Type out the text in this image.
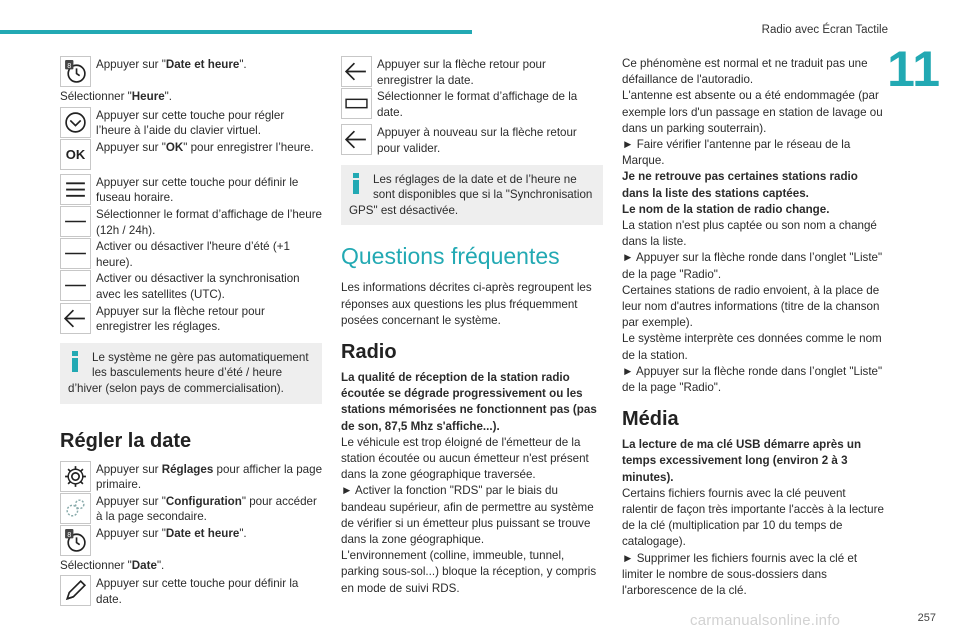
Radio avec Écran Tactile
11
8	Appuyer sur "Date et heure".
Sélectionner "Heure".
Appuyer sur cette touche pour régler l’heure à l’aide du clavier virtuel.
OK Appuyer sur "OK" pour enregistrer l’heure.
Appuyer sur cette touche pour définir le fuseau horaire.
Sélectionner le format d’affichage de l’heure (12h / 24h).
Activer ou désactiver l'heure d’été (+1 heure).
Activer ou désactiver la synchronisation avec les satellites (UTC).
Appuyer sur la flèche retour pour enregistrer les réglages.
Le système ne gère pas automatiquement les basculements heure d’été / heure d’hiver (selon pays de commercialisation).
Régler la date
Appuyer sur Réglages pour afficher la page primaire.
Appuyer sur "Configuration" pour accéder à la page secondaire.
8	Appuyer sur "Date et heure".
Sélectionner "Date".
Appuyer sur cette touche pour définir la date.
Appuyer sur la flèche retour pour enregistrer la date.
Sélectionner le format d’affichage de la date.
Appuyer à nouveau sur la flèche retour pour valider.
Les réglages de la date et de l’heure ne sont disponibles que si la "Synchronisation GPS" est désactivée.
Questions fréquentes
Les informations décrites ci-après regroupent les réponses aux questions les plus fréquemment posées concernant le système.
Radio
La qualité de réception de la station radio écoutée se dégrade progressivement ou les stations mémorisées ne fonctionnent pas (pas de son, 87,5 Mhz s'affiche...).
Le véhicule est trop éloigné de l'émetteur de la station écoutée ou aucun émetteur n'est présent dans la zone géographique traversée.
► Activer la fonction "RDS" par le biais du bandeau supérieur, afin de permettre au système de vérifier si un émetteur plus puissant se trouve dans la zone géographique.
L'environnement (colline, immeuble, tunnel, parking sous-sol...) bloque la réception, y compris en mode de suivi RDS.
Ce phénomène est normal et ne traduit pas une défaillance de l'autoradio.
L'antenne est absente ou a été endommagée (par exemple lors d'un passage en station de lavage ou dans un parking souterrain).
► Faire vérifier l'antenne par le réseau de la Marque.
Je ne retrouve pas certaines stations radio dans la liste des stations captées.
Le nom de la station de radio change.
La station n'est plus captée ou son nom a changé dans la liste.
► Appuyer sur la flèche ronde dans l’onglet "Liste" de la page "Radio".
Certaines stations de radio envoient, à la place de leur nom d'autres informations (titre de la chanson par exemple).
Le système interprète ces données comme le nom de la station.
► Appuyer sur la flèche ronde dans l’onglet "Liste" de la page "Radio".
Média
La lecture de ma clé USB démarre après un temps excessivement long (environ 2 à 3 minutes).
Certains fichiers fournis avec la clé peuvent ralentir de façon très importante l'accès à la lecture de la clé (multiplication par 10 du temps de catalogage).
► Supprimer les fichiers fournis avec la clé et limiter le nombre de sous-dossiers dans l'arborescence de la clé.
carmanualsonline.info	257
